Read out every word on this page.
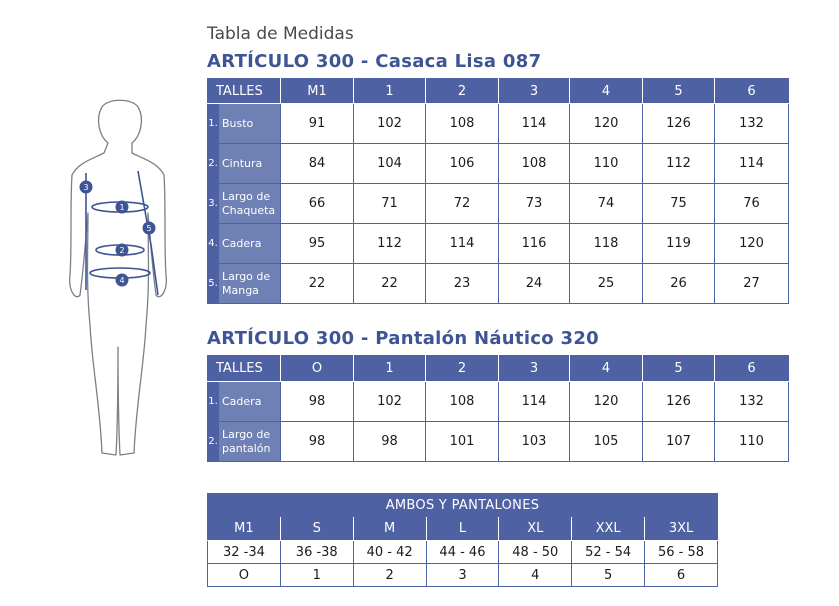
Tabla de Medidas
1
2
3
4
5
ARTÍCULO 300 - Casaca Lisa 087
TALLES		M1	1	2	3	4	5	6
1.	Busto	91	102	108	114	120	126	132
2.	Cintura	84	104	106	108	110	112	114
3.	Largo de
Chaqueta	66	71	72	73	74	75	76
4.	Cadera	95	112	114	116	118	119	120
5.	Largo de
Manga	22	22	23	24	25	26	27
ARTÍCULO 300 - Pantalón Náutico 320
TALLES		O	1	2	3	4	5	6
1.	Cadera	98	102	108	114	120	126	132
2.	Largo de
pantalón	98	98	101	103	105	107	110
AMBOS Y PANTALONES						
M1	S	M	L	XL	XXL	3XL
32 -34	36 -38	40 - 42	44 - 46	48 - 50	52 - 54	56 - 58
O	1	2	3	4	5	6
